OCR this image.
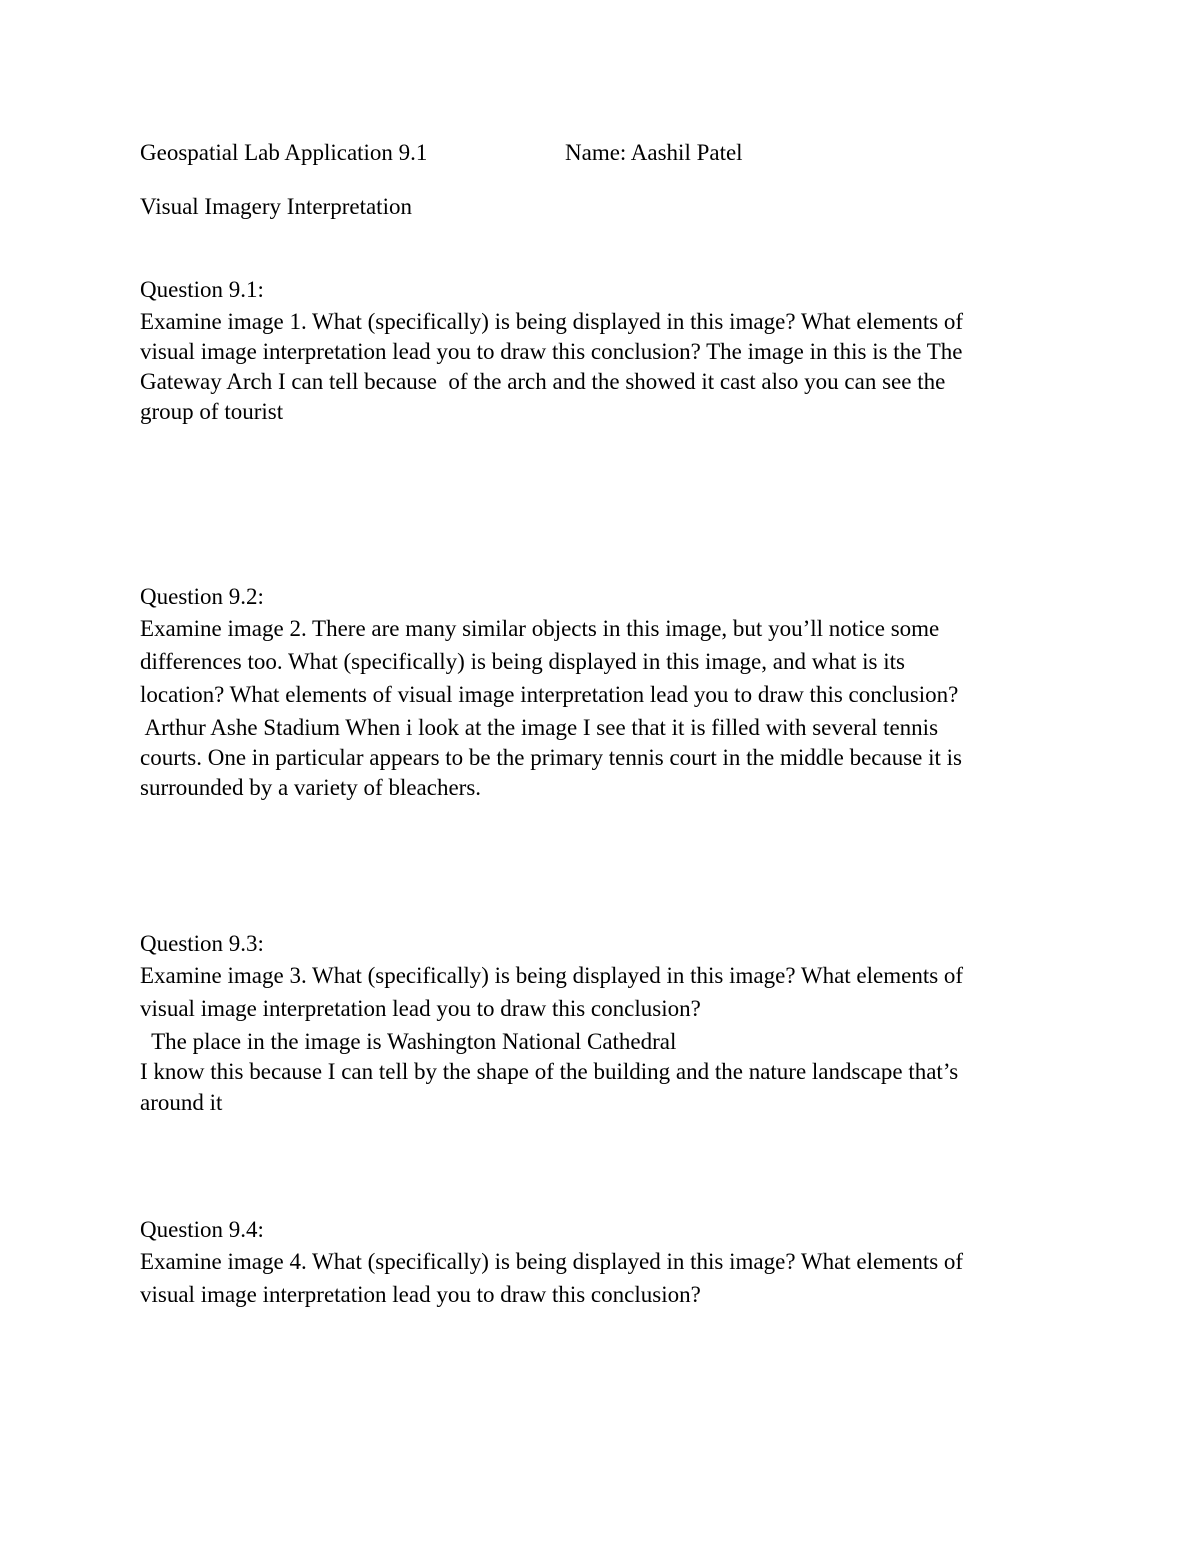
Geospatial Lab Application 9.1	Name: Aashil Patel
Visual Imagery Interpretation
Question 9.1:
Examine image 1. What (specifically) is being displayed in this image? What elements of
visual image interpretation lead you to draw this conclusion? The image in this is the The
Gateway Arch I can tell because  of the arch and the showed it cast also you can see the
group of tourist
Question 9.2:
Examine image 2. There are many similar objects in this image, but you’ll notice some
differences too. What (specifically) is being displayed in this image, and what is its
location? What elements of visual image interpretation lead you to draw this conclusion?
Arthur Ashe Stadium When i look at the image I see that it is filled with several tennis
courts. One in particular appears to be the primary tennis court in the middle because it is
surrounded by a variety of bleachers.
Question 9.3:
Examine image 3. What (specifically) is being displayed in this image? What elements of
visual image interpretation lead you to draw this conclusion?
The place in the image is Washington National Cathedral
I know this because I can tell by the shape of the building and the nature landscape that’s
around it
Question 9.4:
Examine image 4. What (specifically) is being displayed in this image? What elements of
visual image interpretation lead you to draw this conclusion?
